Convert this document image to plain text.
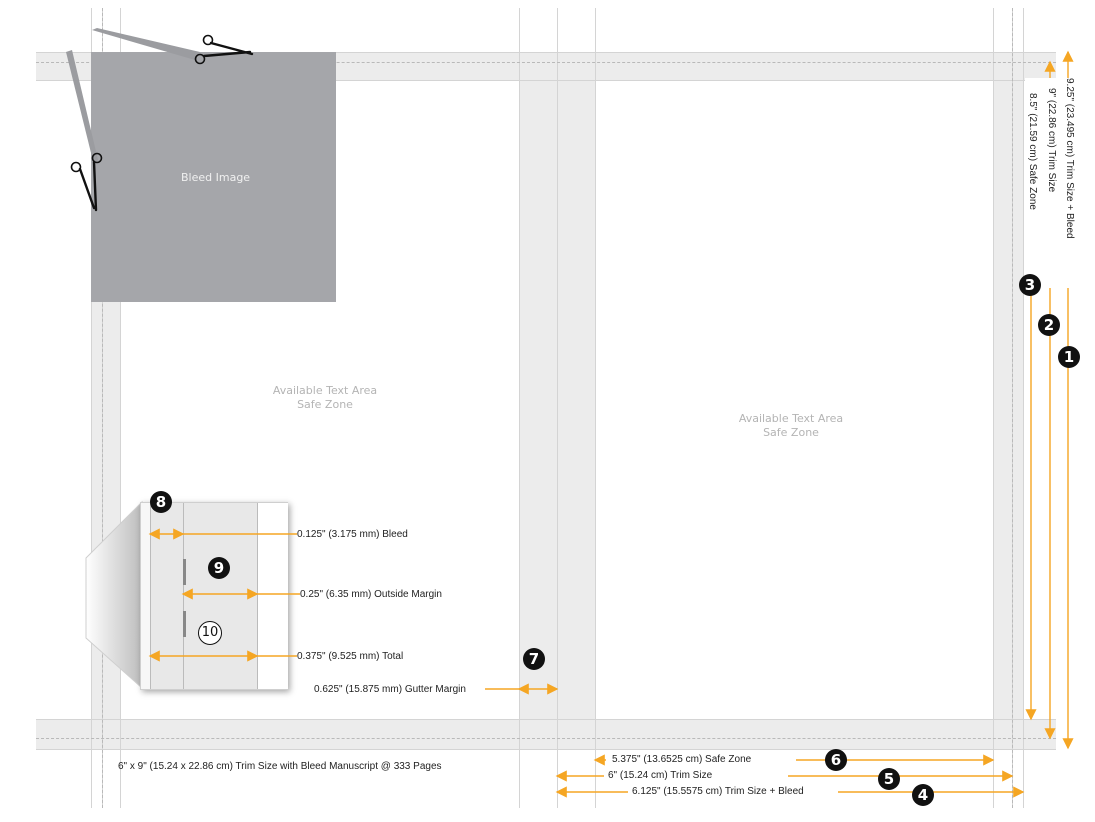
Bleed Image
Available Text Area
Safe Zone
Available Text Area
Safe Zone
9.25" (23.495 cm) Trim Size + Bleed
9" (22.86 cm) Trim Size
8.5" (21.59 cm) Safe Zone
5.375" (13.6525 cm) Safe Zone
6" (15.24 cm) Trim Size
6.125" (15.5575 cm) Trim Size + Bleed
6" x 9" (15.24 x 22.86 cm) Trim Size with Bleed Manuscript @ 333 Pages
0.125" (3.175 mm) Bleed
0.25" (6.35 mm) Outside Margin
0.375" (9.525 mm) Total
0.625" (15.875 mm) Gutter Margin
1
2
3
4
5
6
7
8
9
10
